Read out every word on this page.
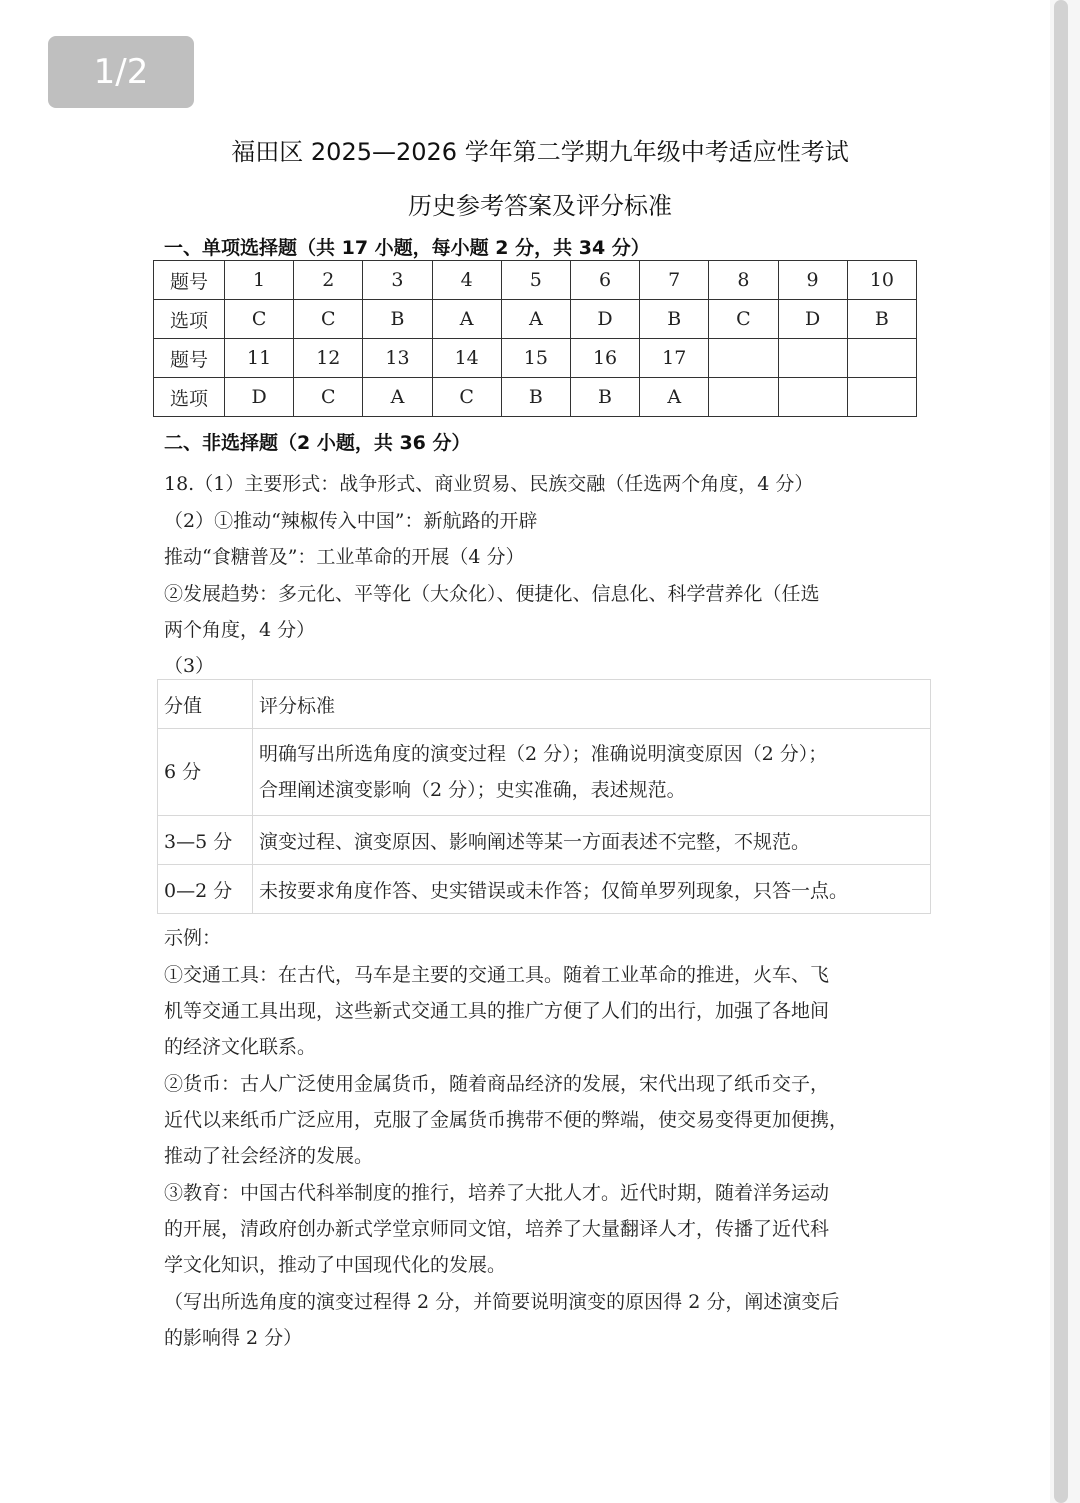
1/2
福田区 2025—2026 学年第二学期九年级中考适应性考试
历史参考答案及评分标准
一、单项选择题（共 17 小题，每小题 2 分，共 34 分）
题号	1	2	3	4	5	6	7	8	9	10
选项	C	C	B	A	A	D	B	C	D	B
题号	11	12	13	14	15	16	17			
选项	D	C	A	C	B	B	A			
二、非选择题（2 小题，共 36 分）
18.（1）主要形式：战争形式、商业贸易、民族交融（任选两个角度，4 分）
（2）①推动“辣椒传入中国”：新航路的开辟
推动“食糖普及”：工业革命的开展（4 分）
②发展趋势：多元化、平等化（大众化）、便捷化、信息化、科学营养化（任选
两个角度，4 分）
（3）
分值	评分标准
6 分	明确写出所选角度的演变过程（2 分）；准确说明演变原因（2 分）；
合理阐述演变影响（2 分）；史实准确，表述规范。

3—5 分	演变过程、演变原因、影响阐述等某一方面表述不完整，不规范。
0—2 分	未按要求角度作答、史实错误或未作答；仅简单罗列现象，只答一点。
示例：
①交通工具：在古代，马车是主要的交通工具。随着工业革命的推进，火车、飞
机等交通工具出现，这些新式交通工具的推广方便了人们的出行，加强了各地间
的经济文化联系。
②货币：古人广泛使用金属货币，随着商品经济的发展，宋代出现了纸币交子，
近代以来纸币广泛应用，克服了金属货币携带不便的弊端，使交易变得更加便携，
推动了社会经济的发展。
③教育：中国古代科举制度的推行，培养了大批人才。近代时期，随着洋务运动
的开展，清政府创办新式学堂京师同文馆，培养了大量翻译人才，传播了近代科
学文化知识，推动了中国现代化的发展。
（写出所选角度的演变过程得 2 分，并简要说明演变的原因得 2 分，阐述演变后
的影响得 2 分）
